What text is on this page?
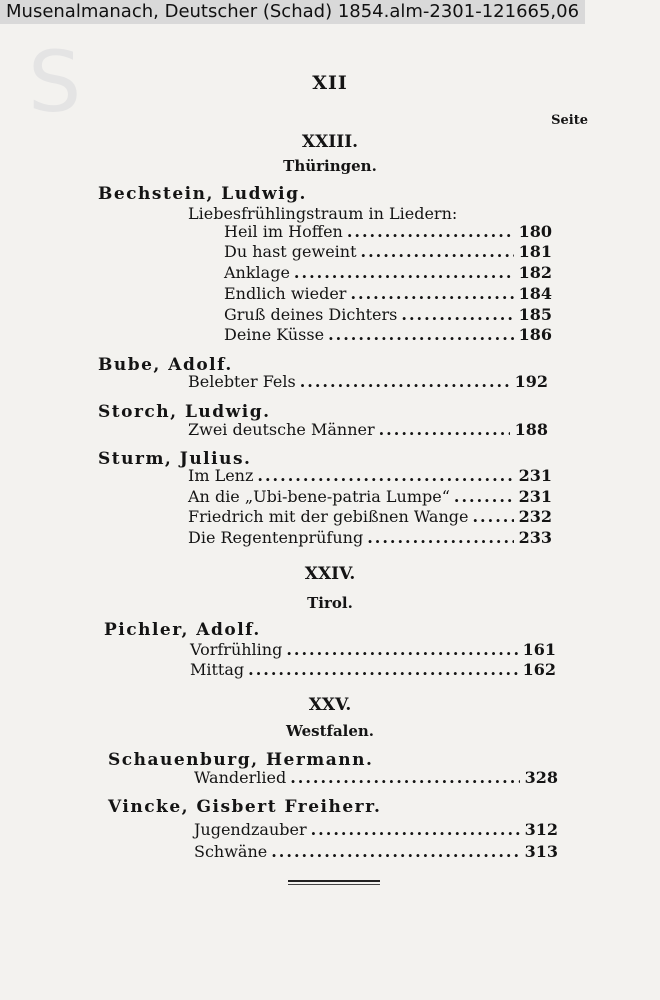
Musenalmanach, Deutscher (Schad) 1854.alm-2301-121665,06
S	XII
Seite
XXIII.
Thüringen.
Bechstein, Ludwig.
Liebesfrühlingstraum in Liedern:
Heil im Hoffen .....	180
Du hast geweint .....	181
Anklage .....	182
Endlich wieder .....	184
Gruß deines Dichters .....	185
Deine Küsse .....	186
Bube, Adolf.
Belebter Fels .....	192
Storch, Ludwig.
Zwei deutsche Männer .....	188
Sturm, Julius.
Im Lenz .....	231
An die „Ubi-bene-patria Lumpe“ .....	231
Friedrich mit der gebißnen Wange .....	232
Die Regentenprüfung .....	233
XXIV.
Tirol.
Pichler, Adolf.
Vorfrühling .....	161
Mittag .....	162
XXV.
Westfalen.
Schauenburg, Hermann.
Wanderlied .....	328
Vincke, Gisbert Freiherr.
Jugendzauber .....	312
Schwäne .....	313
